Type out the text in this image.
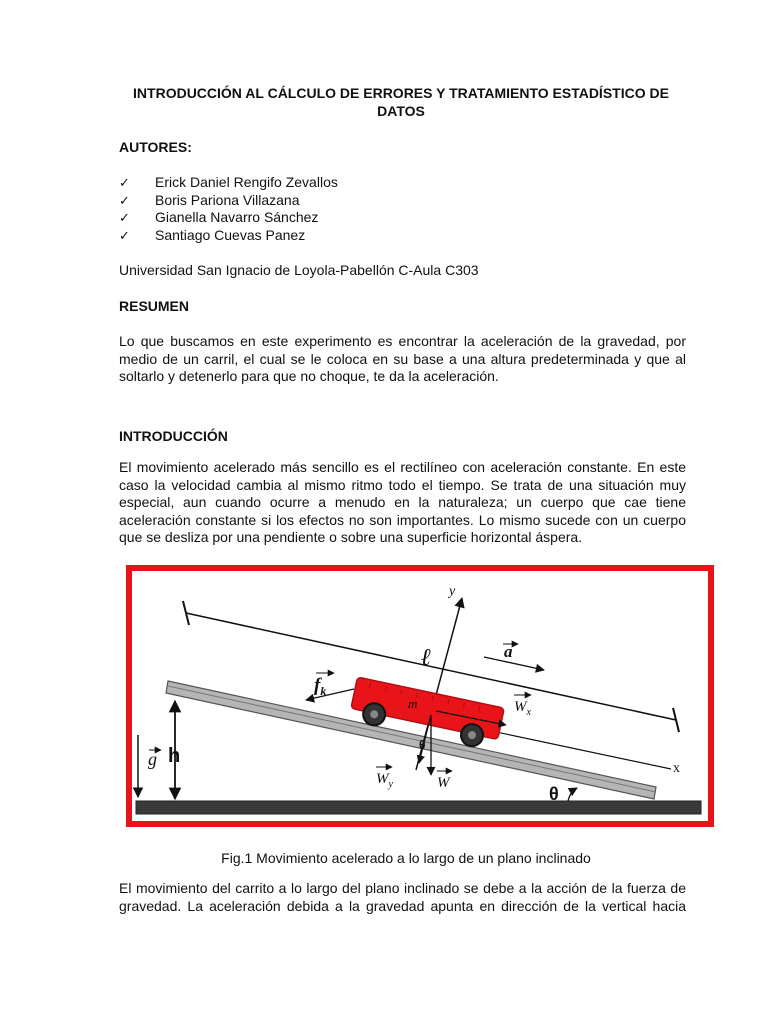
INTRODUCCIÓN AL CÁLCULO DE ERRORES Y TRATAMIENTO ESTADÍSTICO DE DATOS
AUTORES:
✓ Erick Daniel Rengifo Zevallos
✓ Boris Pariona Villazana
✓ Gianella Navarro Sánchez
✓ Santiago Cuevas Panez

Universidad San Ignacio de Loyola-Pabellón C-Aula C303

RESUMEN

Lo que buscamos en este experimento es encontrar la aceleración de la gravedad, por medio de un carril, el cual se le coloca en su base a una altura predeterminada y que al soltarlo y detenerlo para que no choque, te da la aceleración.

INTRODUCCIÓN

El movimiento acelerado más sencillo es el rectilíneo con aceleración constante. En este caso la velocidad cambia al mismo ritmo todo el tiempo. Se trata de una situación muy especial, aun cuando ocurre a menudo en la naturaleza; un cuerpo que cae tiene aceleración constante si los efectos no son importantes. Lo mismo sucede con un cuerpo que se desliza por una pendiente o sobre una superficie horizontal áspera.

y
x
ℓ	a
$f_k$
m	$W_x$
θ
$W_y$	W
g h
θ
Fig.1 Movimiento acelerado a lo largo de un plano inclinado

El movimiento del carrito a lo largo del plano inclinado se debe a la acción de la fuerza de gravedad. La aceleración debida a la gravedad apunta en dirección de la vertical hacia
